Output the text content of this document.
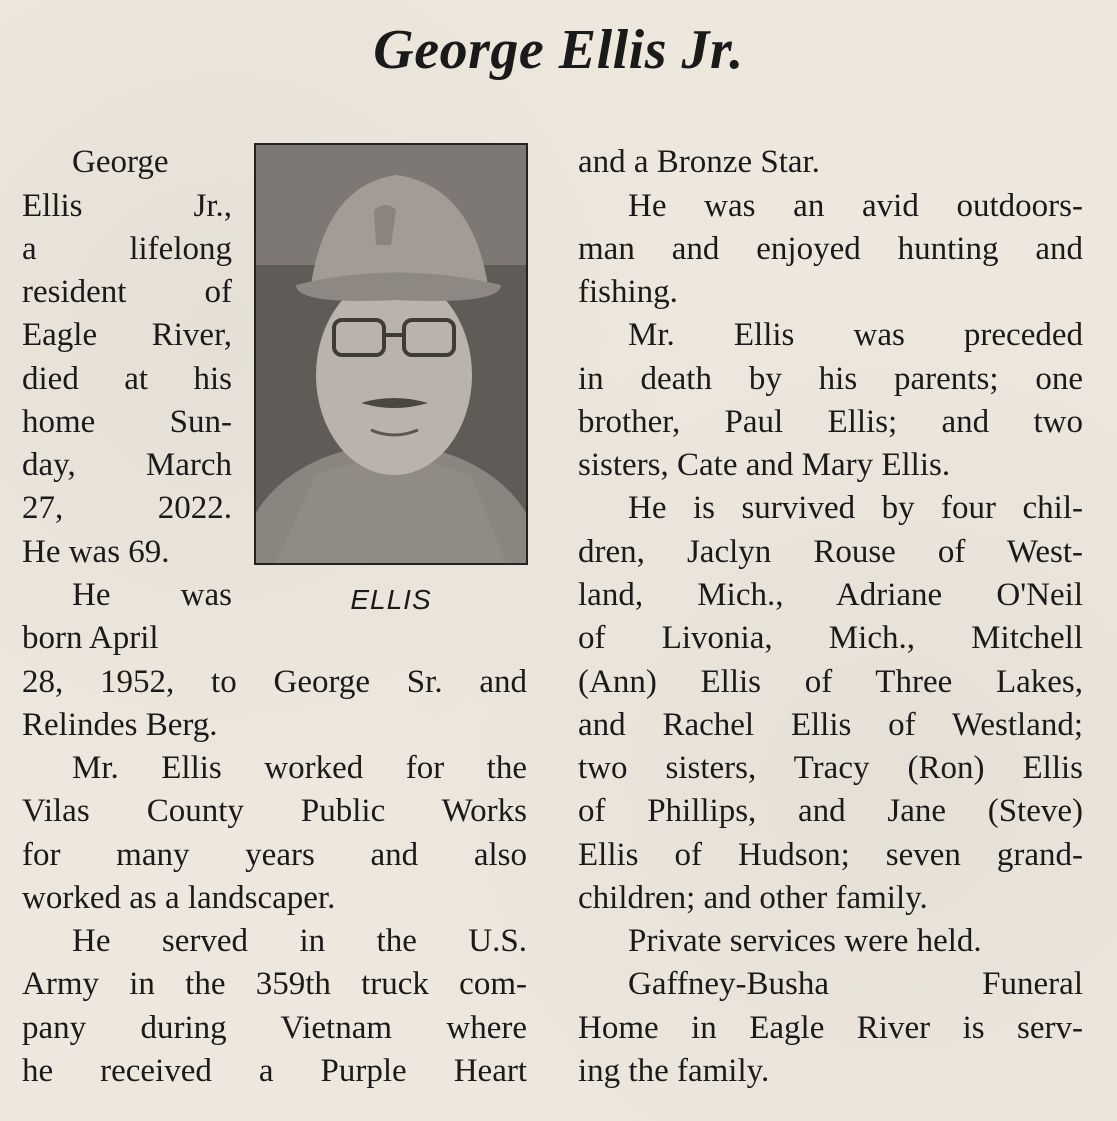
George Ellis Jr.
George
Ellis Jr.,
a lifelong
resident of
Eagle River,
died at his
home Sun-
day, March
27, 2022.
He was 69.
He was
born April
28, 1952, to George Sr. and
Relindes Berg.
Mr. Ellis worked for the
Vilas County Public Works
for many years and also
worked as a landscaper.
He served in the U.S.
Army in the 359th truck com-
pany during Vietnam where
he received a Purple Heart
ELLIS
and a Bronze Star.
He was an avid outdoors-
man and enjoyed hunting and
fishing.
Mr. Ellis was preceded
in death by his parents; one
brother, Paul Ellis; and two
sisters, Cate and Mary Ellis.
He is survived by four chil-
dren, Jaclyn Rouse of West-
land, Mich., Adriane O'Neil
of Livonia, Mich., Mitchell
(Ann) Ellis of Three Lakes,
and Rachel Ellis of Westland;
two sisters, Tracy (Ron) Ellis
of Phillips, and Jane (Steve)
Ellis of Hudson; seven grand-
children; and other family.
Private services were held.
Gaffney-Busha Funeral
Home in Eagle River is serv-
ing the family.
